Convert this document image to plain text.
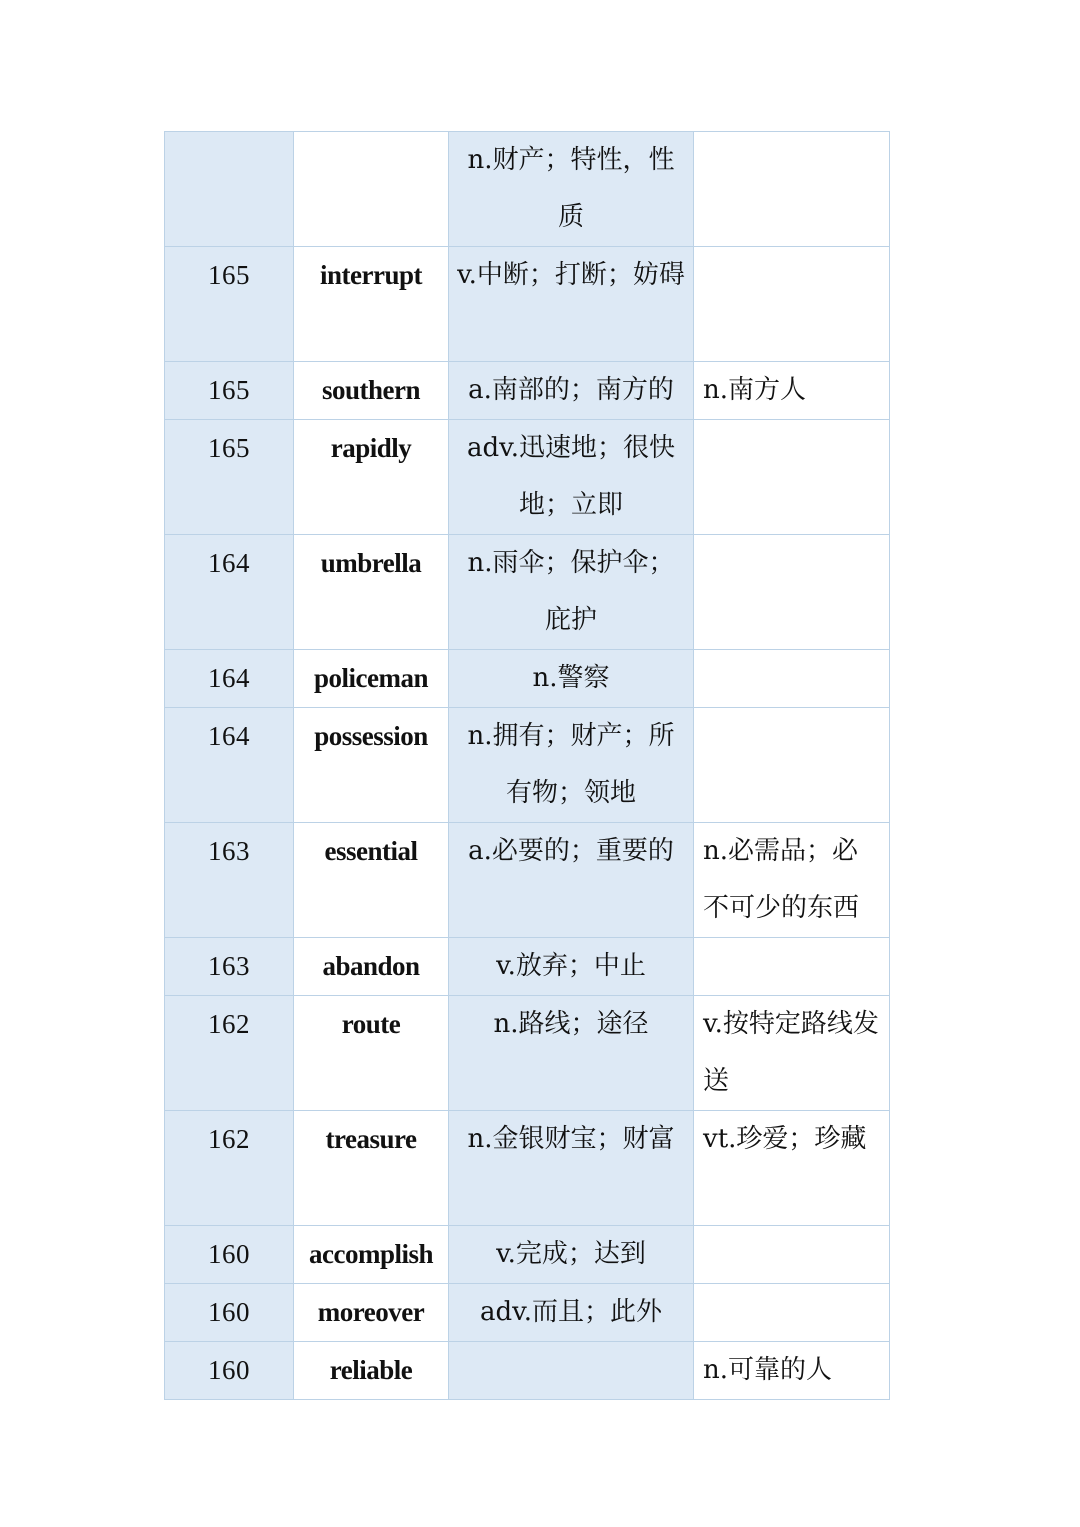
		n.财产；特性，性质	

165	interrupt	v.中断；打断；妨碍	

165	southern	a.南部的；南方的	n.南方人

165	rapidly	adv.迅速地；很快地；立即	

164	umbrella	n.雨伞；保护伞；庇护	

164	policeman	n.警察	

164	possession	n.拥有；财产；所有物；领地	

163	essential	a.必要的；重要的	n.必需品；必不可少的东西

163	abandon	v.放弃；中止	

162	route	n.路线；途径	v.按特定路线发送

162	treasure	n.金银财宝；财富	vt.珍爱；珍藏

160	accomplish	v.完成；达到	

160	moreover	adv.而且；此外	

160	reliable		n.可靠的人
